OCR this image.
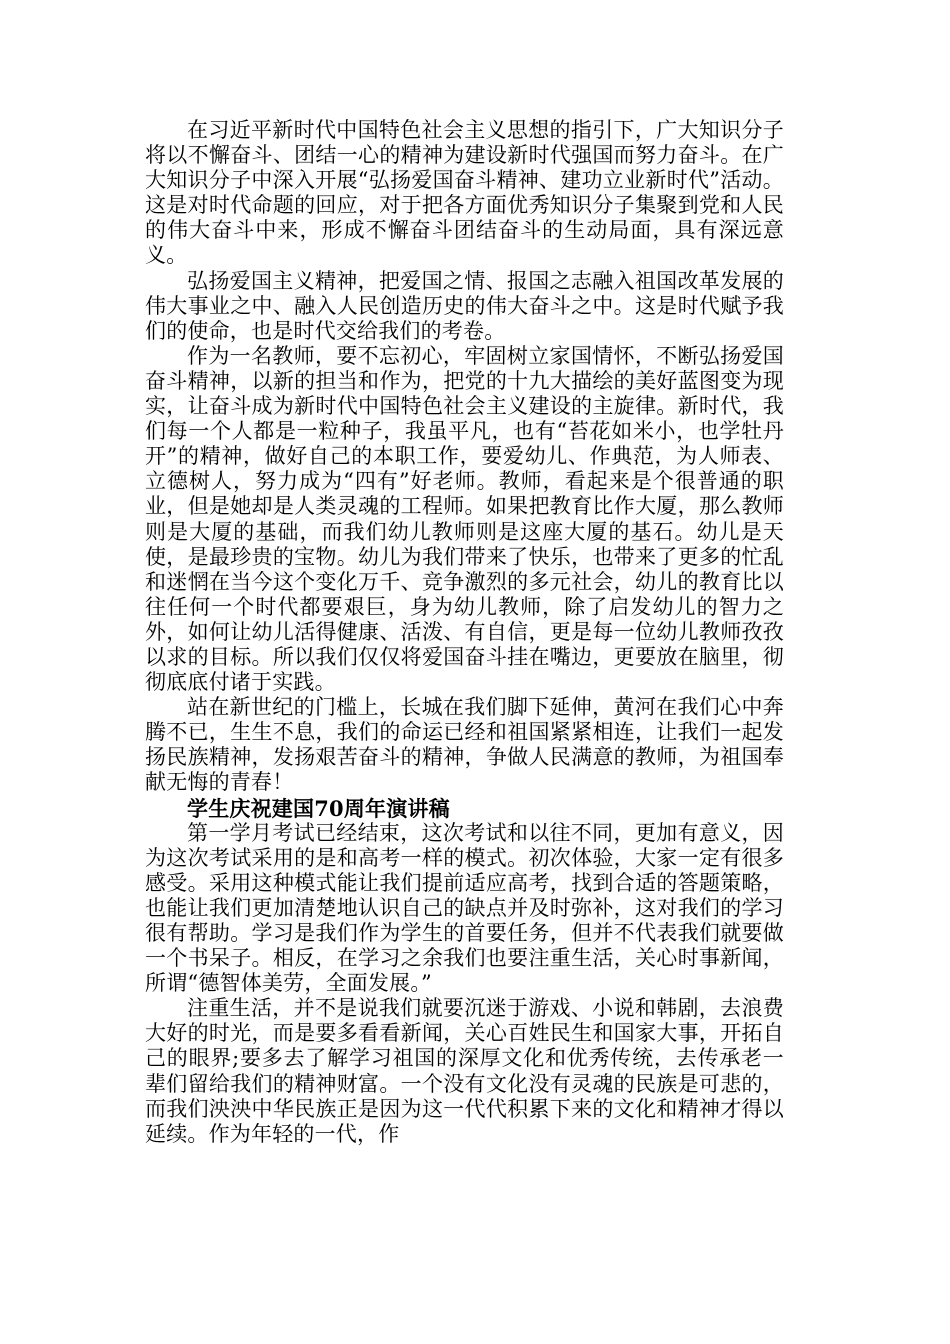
在习近平新时代中国特色社会主义思想的指引下，广大知识分子将以不懈奋斗、团结一心的精神为建设新时代强国而努力奋斗。在广大知识分子中深入开展“弘扬爱国奋斗精神、建功立业新时代”活动。这是对时代命题的回应，对于把各方面优秀知识分子集聚到党和人民的伟大奋斗中来，形成不懈奋斗团结奋斗的生动局面，具有深远意义。

弘扬爱国主义精神，把爱国之情、报国之志融入祖国改革发展的伟大事业之中、融入人民创造历史的伟大奋斗之中。这是时代赋予我们的使命，也是时代交给我们的考卷。

作为一名教师，要不忘初心，牢固树立家国情怀，不断弘扬爱国奋斗精神，以新的担当和作为，把党的十九大描绘的美好蓝图变为现实，让奋斗成为新时代中国特色社会主义建设的主旋律。新时代，我们每一个人都是一粒种子，我虽平凡，也有“苔花如米小，也学牡丹开”的精神，做好自己的本职工作，要爱幼儿、作典范，为人师表、立德树人，努力成为“四有”好老师。教师，看起来是个很普通的职业，但是她却是人类灵魂的工程师。如果把教育比作大厦，那么教师则是大厦的基础，而我们幼儿教师则是这座大厦的基石。幼儿是天使，是最珍贵的宝物。幼儿为我们带来了快乐，也带来了更多的忙乱和迷惘在当今这个变化万千、竞争激烈的多元社会，幼儿的教育比以往任何一个时代都要艰巨，身为幼儿教师，除了启发幼儿的智力之外，如何让幼儿活得健康、活泼、有自信，更是每一位幼儿教师孜孜以求的目标。所以我们仅仅将爱国奋斗挂在嘴边，更要放在脑里，彻彻底底付诸于实践。

站在新世纪的门槛上，长城在我们脚下延伸，黄河在我们心中奔腾不已，生生不息，我们的命运已经和祖国紧紧相连，让我们一起发扬民族精神，发扬艰苦奋斗的精神，争做人民满意的教师，为祖国奉献无悔的青春！

学生庆祝建国70周年演讲稿

第一学月考试已经结束，这次考试和以往不同，更加有意义，因为这次考试采用的是和高考一样的模式。初次体验，大家一定有很多感受。采用这种模式能让我们提前适应高考，找到合适的答题策略，也能让我们更加清楚地认识自己的缺点并及时弥补，这对我们的学习很有帮助。学习是我们作为学生的首要任务，但并不代表我们就要做一个书呆子。相反，在学习之余我们也要注重生活，关心时事新闻，所谓“德智体美劳，全面发展。”

注重生活，并不是说我们就要沉迷于游戏、小说和韩剧，去浪费大好的时光，而是要多看看新闻，关心百姓民生和国家大事，开拓自己的眼界;要多去了解学习祖国的深厚文化和优秀传统，去传承老一辈们留给我们的精神财富。一个没有文化没有灵魂的民族是可悲的，而我们泱泱中华民族正是因为这一代代积累下来的文化和精神才得以延续。作为年轻的一代，作
